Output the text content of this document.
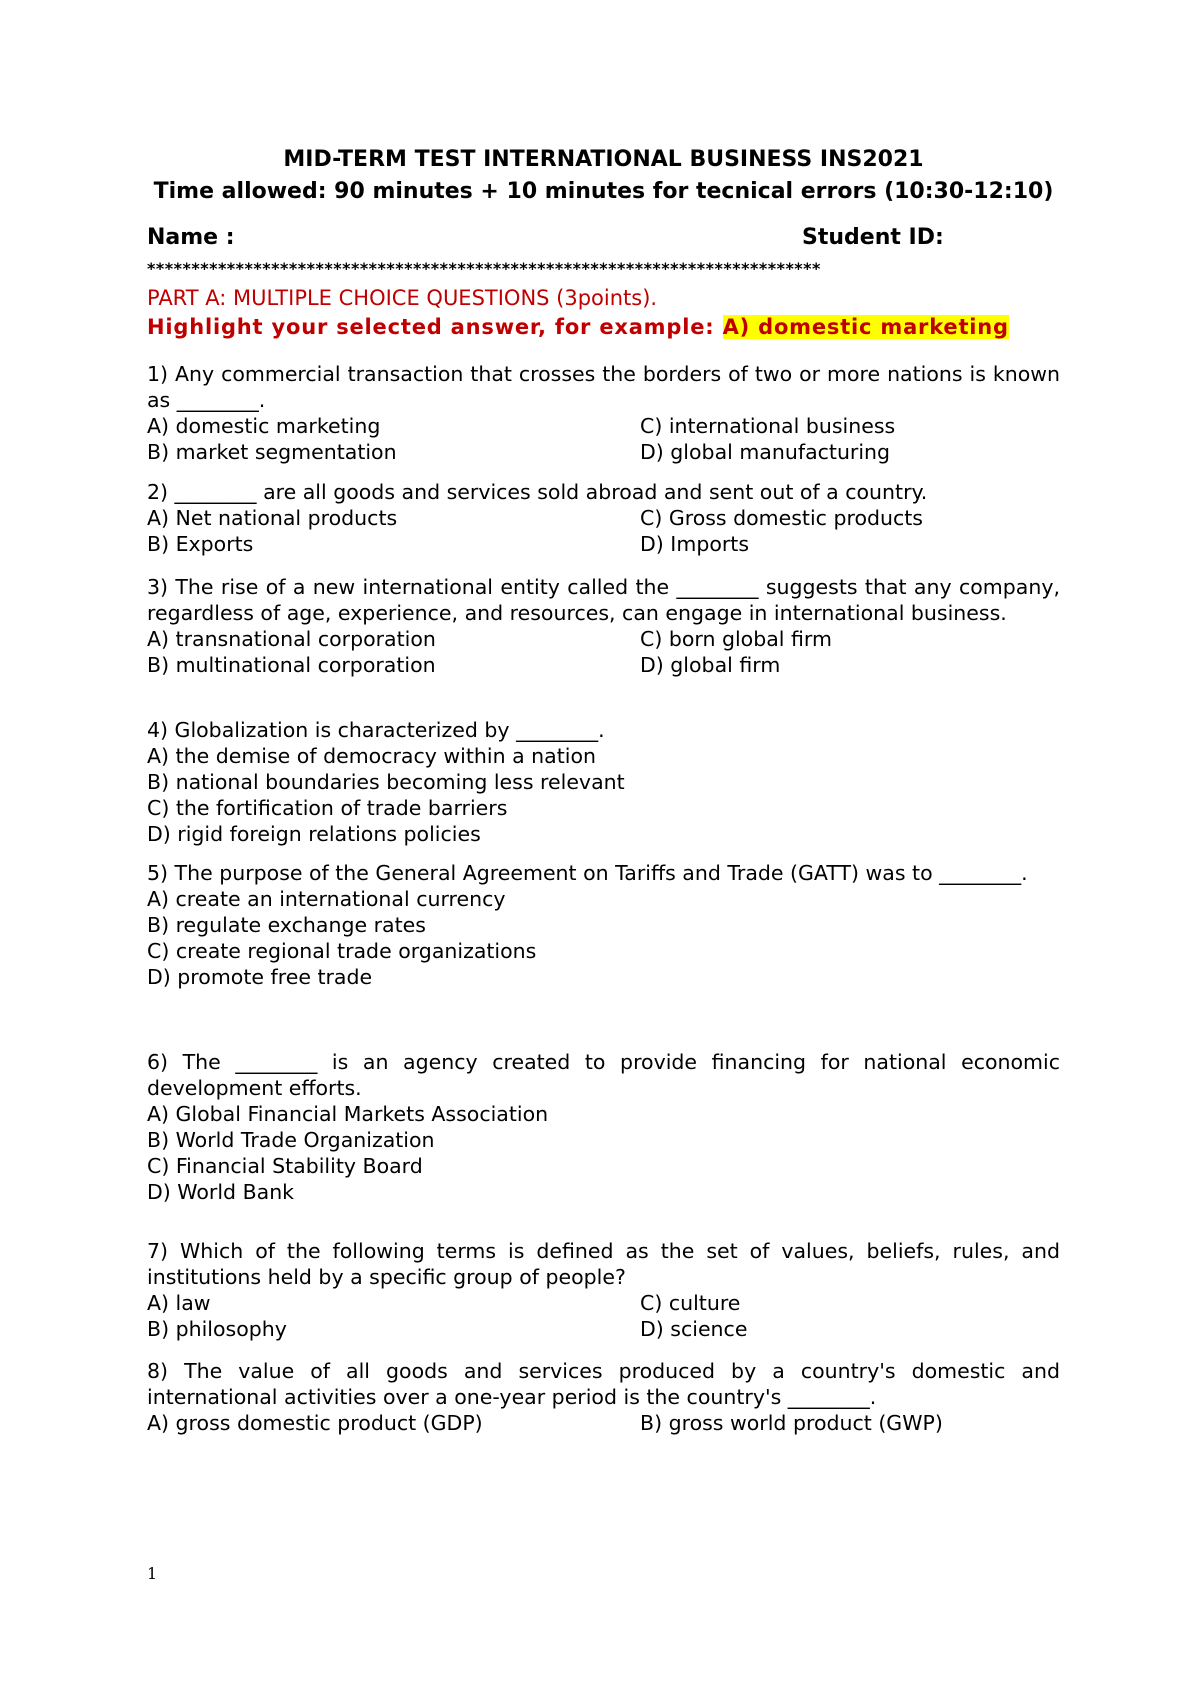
MID-TERM TEST INTERNATIONAL BUSINESS INS2021
Time allowed: 90 minutes + 10 minutes for tecnical errors (10:30-12:10)
Name :	Student ID:
****************************************************************************
PART A: MULTIPLE CHOICE QUESTIONS (3points).
Highlight your selected answer, for example: A) domestic marketing

1) Any commercial transaction that crosses the borders of two or more nations is known as ________.

A) domestic marketing	C) international business
B) market segmentation	D) global manufacturing

2) ________ are all goods and services sold abroad and sent out of a country.

A) Net national products	C) Gross domestic products
B) Exports	D) Imports

3) The rise of a new international entity called the ________ suggests that any company, regardless of age, experience, and resources, can engage in international business.

A) transnational corporation	C) born global firm
B) multinational corporation	D) global firm

4) Globalization is characterized by ________.

A) the demise of democracy within a nation
B) national boundaries becoming less relevant
C) the fortification of trade barriers
D) rigid foreign relations policies

5) The purpose of the General Agreement on Tariffs and Trade (GATT) was to ________.

A) create an international currency
B) regulate exchange rates
C) create regional trade organizations
D) promote free trade

6) The ________ is an agency created to provide financing for national economic development efforts.

A) Global Financial Markets Association
B) World Trade Organization
C) Financial Stability Board
D) World Bank

7) Which of the following terms is defined as the set of values, beliefs, rules, and institutions held by a specific group of people?

A) law	C) culture
B) philosophy	D) science

8) The value of all goods and services produced by a country's domestic and international activities over a one-year period is the country's ________.

A) gross domestic product (GDP)	B) gross world product (GWP)
1
